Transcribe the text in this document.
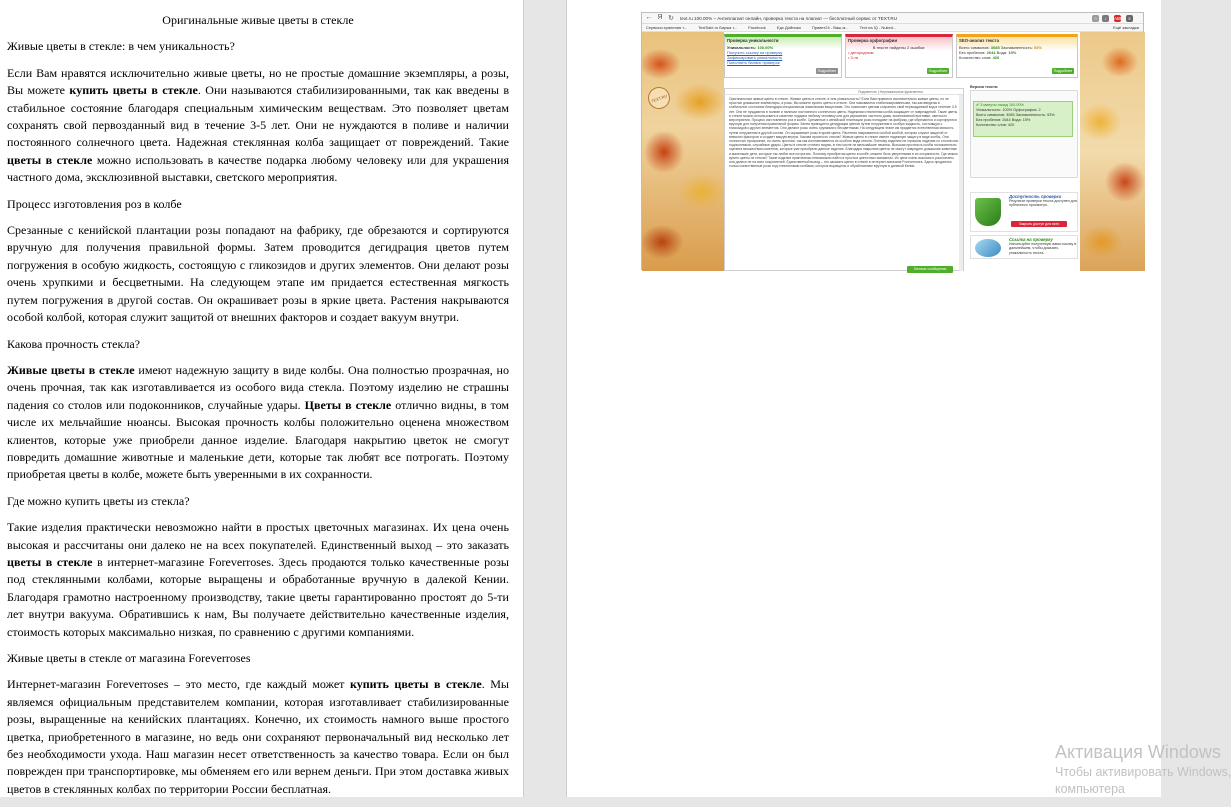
Оригинальные живые цветы в стекле
Живые цветы в стекле: в чем уникальность?
Если Вам нравятся исключительно живые цветы, но не простые домашние экземпляры, а розы, Вы можете купить цветы в стекле. Они называются стабилизированными, так как введены в стабильное состояние благодаря специальным химическим веществам. Это позволяет цветам сохранять свой первозданный вид в течение 3-5 лет. Они не нуждаются в поливе и наличии постоянного солнечного цвета. Надежная стеклянная колба защищает от повреждений. Такие цветы в стекле можно использовать в качестве подарка любому человеку или для украшения частного дома, эксклюзивной выставки, светского мероприятия.
Процесс изготовления роз в колбе
Срезанные с кенийской плантации розы попадают на фабрику, где обрезаются и сортируются вручную для получения правильной формы. Затем проводится дегидрация цветов путем погружения в особую жидкость, состоящую с гликозидов и других элементов. Они делают розы очень хрупкими и бесцветными. На следующем этапе им придается естественная мягкость путем погружения в другой состав. Он окрашивает розы в яркие цвета. Растения накрываются особой колбой, которая служит защитой от внешних факторов и создает вакуум внутри.
Какова прочность стекла?
Живые цветы в стекле имеют надежную защиту в виде колбы. Она полностью прозрачная, но очень прочная, так как изготавливается из особого вида стекла. Поэтому изделию не страшны падения со столов или подоконников, случайные удары. Цветы в стекле отлично видны, в том числе их мельчайшие нюансы. Высокая прочность колбы положительно оценена множеством клиентов, которые уже приобрели данное изделие. Благодаря накрытию цветок не смогут повредить домашние животные и маленькие дети, которые так любят все потрогать. Поэтому приобретая цветы в колбе, можете быть уверенными в их сохранности.
Где можно купить цветы из стекла?
Такие изделия практически невозможно найти в простых цветочных магазинах. Их цена очень высокая и рассчитаны они далеко не на всех покупателей. Единственный выход – это заказать цветы в стекле в интернет-магазине Foreverroses. Здесь продаются только качественные розы под стеклянными колбами, которые выращены и обработанные вручную в далекой Кении. Благодаря грамотно настроенному производству, такие цветы гарантированно простоят до 5-ти лет внутри вакуума. Обратившись к нам, Вы получаете действительно качественные изделия, стоимость которых максимально низкая, по сравнению с другими компаниями.
Живые цветы в стекле от магазина Foreverroses
Интернет-магазин Foreverroses – это место, где каждый может купить цветы в стекле. Мы являемся официальным представителем компании, которая изготавливает стабилизированные розы, выращенные на кенийских плантациях. Конечно, их стоимость намного выше простого цветка, приобретенного в магазине, но ведь они сохраняют первоначальный вид несколько лет без необходимости ухода. Наш магазин несет ответственность за качество товара. Если он был поврежден при транспортировке, мы обменяем его или вернем деньги. При этом доставка живых цветов в стеклянных колбах по территории России бесплатная.
← Я ↻ text.ru 100.00% – Антиплагиат онлайн, проверка текста на плагиат — бесплатный сервис от TEXT.RU	☆	↓	ABP	≡
Сервисы хранения т...	TextSale.ru Биржа т...	Facebook	Едх Дойника	Привет24 - Ваш м...	Text на IQ - Nuked...	Ещё закладки
TEXT.RU
Проверка уникальности
Уникальность: 100.00%
Получить ссылку на проверку
Зафиксировать уникальность
Пополнить баланс проверок
Подробнее
Проверка орфографии
В тексте найдены 2 ошибки:
• детородным
• 3-ти
Подробнее
SEO-анализ текста
Всего символов: 3085 Заспамленность: 53%
Без пробелов: 2644 Вода: 15%
Количество слов: 420
Подробнее
Подсветить | Неуникальные фрагменты
Оригинальные живые цветы в стекле. Живые цветы в стекле: в чем уникальность? Если Вам нравятся исключительно живые цветы, но не простые домашние экземпляры, а розы, Вы можете купить цветы в стекле. Они называются стабилизированными, так как введены в стабильное состояние благодаря специальным химическим веществам. Это позволяет цветам сохранять свой первозданный вид в течение 3-5 лет. Они не нуждаются в поливе и наличии постоянного солнечного цвета. Надежная стеклянная колба защищает от повреждений. Такие цветы в стекле можно использовать в качестве подарка любому человеку или для украшения частного дома, эксклюзивной выставки, светского мероприятия. Процесс изготовления роз в колбе. Срезанные с кенийской плантации розы попадают на фабрику, где обрезаются и сортируются вручную для получения правильной формы. Затем проводится дегидрация цветов путем погружения в особую жидкость, состоящую с гликозидов и других элементов. Они делают розы очень хрупкими и бесцветными. На следующем этапе им придается естественная мягкость путем погружения в другой состав. Он окрашивает розы в яркие цвета. Растения накрываются особой колбой, которая служит защитой от внешних факторов и создает вакуум внутри. Какова прочность стекла? Живые цветы в стекле имеют надежную защиту в виде колбы. Она полностью прозрачная, но очень прочная, так как изготавливается из особого вида стекла. Поэтому изделию не страшны падения со столов или подоконников, случайные удары. Цветы в стекле отлично видны, в том числе их мельчайшие нюансы. Высокая прочность колбы положительно оценена множеством клиентов, которые уже приобрели данное изделие. Благодаря накрытию цветок не смогут повредить домашние животные и маленькие дети, которые так любят все потрогать. Поэтому приобретая цветы в колбе, можете быть уверенными в их сохранности. Где можно купить цветы из стекла? Такие изделия практически невозможно найти в простых цветочных магазинах. Их цена очень высокая и рассчитаны они далеко не на всех покупателей. Единственный выход – это заказать цветы в стекле в интернет-магазине Foreverroses. Здесь продаются только качественные розы под стеклянными колбами, которые выращены и обработанные вручную в далекой Кении.
Личные сообщения
Версии текста:
✔ 3 минуты назад 100.00%
Уникальность: 100% Орфография: 2
Всего символов: 3085 Заспамленность: 53%
Без пробелов: 2644 Вода: 15%
Количество слов: 420
Доступность проверки
Результат проверки текста доступен для публичного просмотра.
Закрыть доступ для всех
Ссылка на проверку
Используйте полученную вами ссылку в дальнейшем, чтобы доказать уникальность текста.
Активация Windows
Чтобы активировать Windows,
компьютера
